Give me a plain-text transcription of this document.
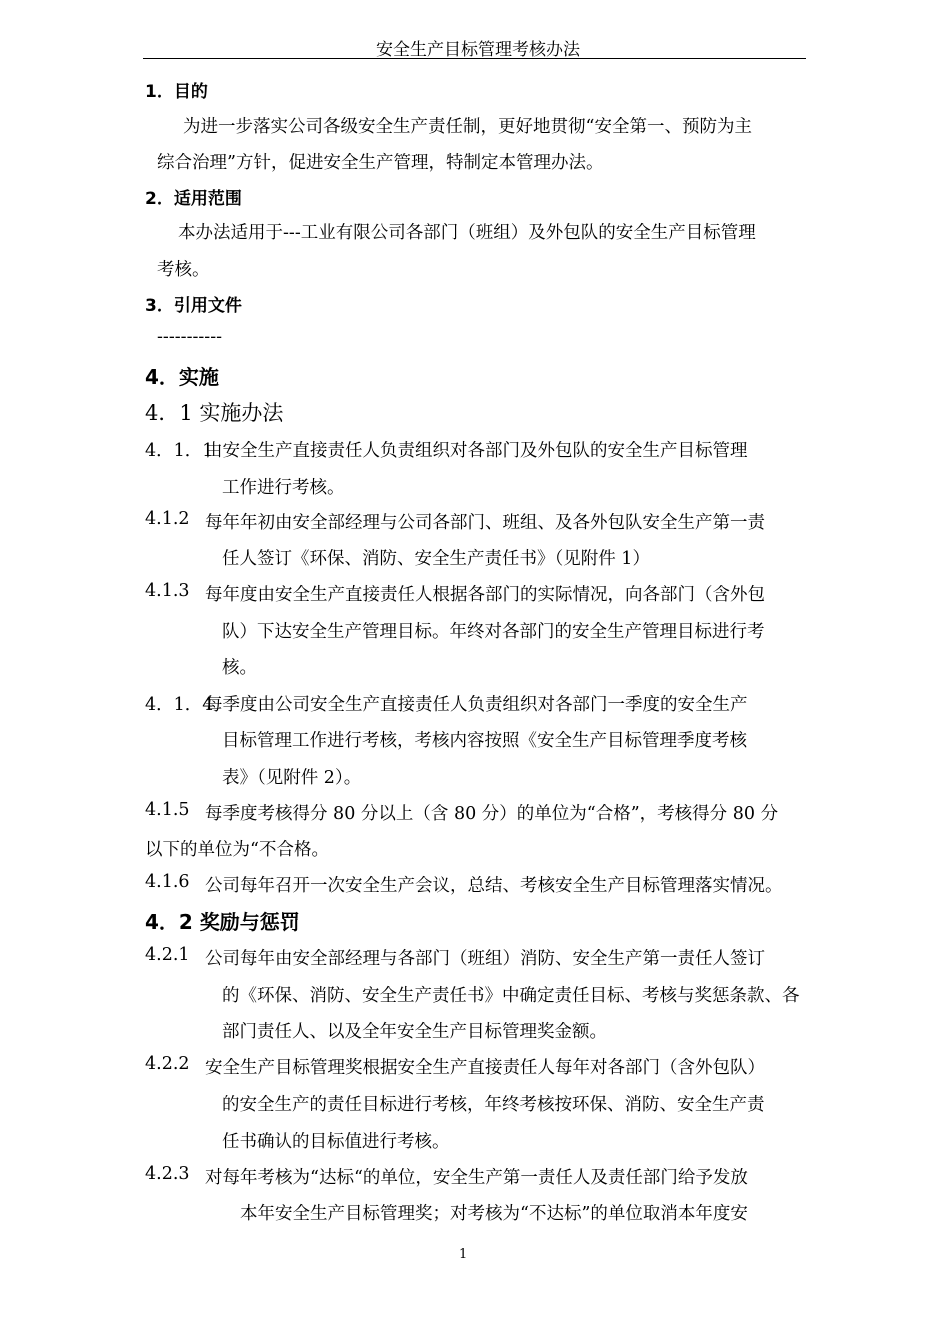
安全生产目标管理考核办法
1．目的
为进一步落实公司各级安全生产责任制，更好地贯彻“安全第一、预防为主
综合治理”方针，促进安全生产管理，特制定本管理办法。
2．适用范围
本办法适用于---工业有限公司各部门（班组）及外包队的安全生产目标管理
考核。
3．引用文件
-----------
4．实施
4．1 实施办法
4．1．1
由安全生产直接责任人负责组织对各部门及外包队的安全生产目标管理
工作进行考核。
4.1.2 每年年初由安全部经理与公司各部门、班组、及各外包队安全生产第一责
任人签订《环保、消防、安全生产责任书》（见附件 1）
4.1.3 每年度由安全生产直接责任人根据各部门的实际情况，向各部门（含外包
队）下达安全生产管理目标。年终对各部门的安全生产管理目标进行考
核。
4．1．4
每季度由公司安全生产直接责任人负责组织对各部门一季度的安全生产
目标管理工作进行考核，考核内容按照《安全生产目标管理季度考核
表》（见附件 2）。
4.1.5 每季度考核得分 80 分以上（含 80 分）的单位为“合格”，考核得分 80 分
以下的单位为“不合格。
4.1.6 公司每年召开一次安全生产会议，总结、考核安全生产目标管理落实情况。
4．2 奖励与惩罚
4.2.1 公司每年由安全部经理与各部门（班组）消防、安全生产第一责任人签订
的《环保、消防、安全生产责任书》中确定责任目标、考核与奖惩条款、各
部门责任人、以及全年安全生产目标管理奖金额。
4.2.2 安全生产目标管理奖根据安全生产直接责任人每年对各部门（含外包队）
的安全生产的责任目标进行考核，年终考核按环保、消防、安全生产责
任书确认的目标值进行考核。
4.2.3 对每年考核为“达标“的单位，安全生产第一责任人及责任部门给予发放
本年安全生产目标管理奖；对考核为“不达标”的单位取消本年度安
1
